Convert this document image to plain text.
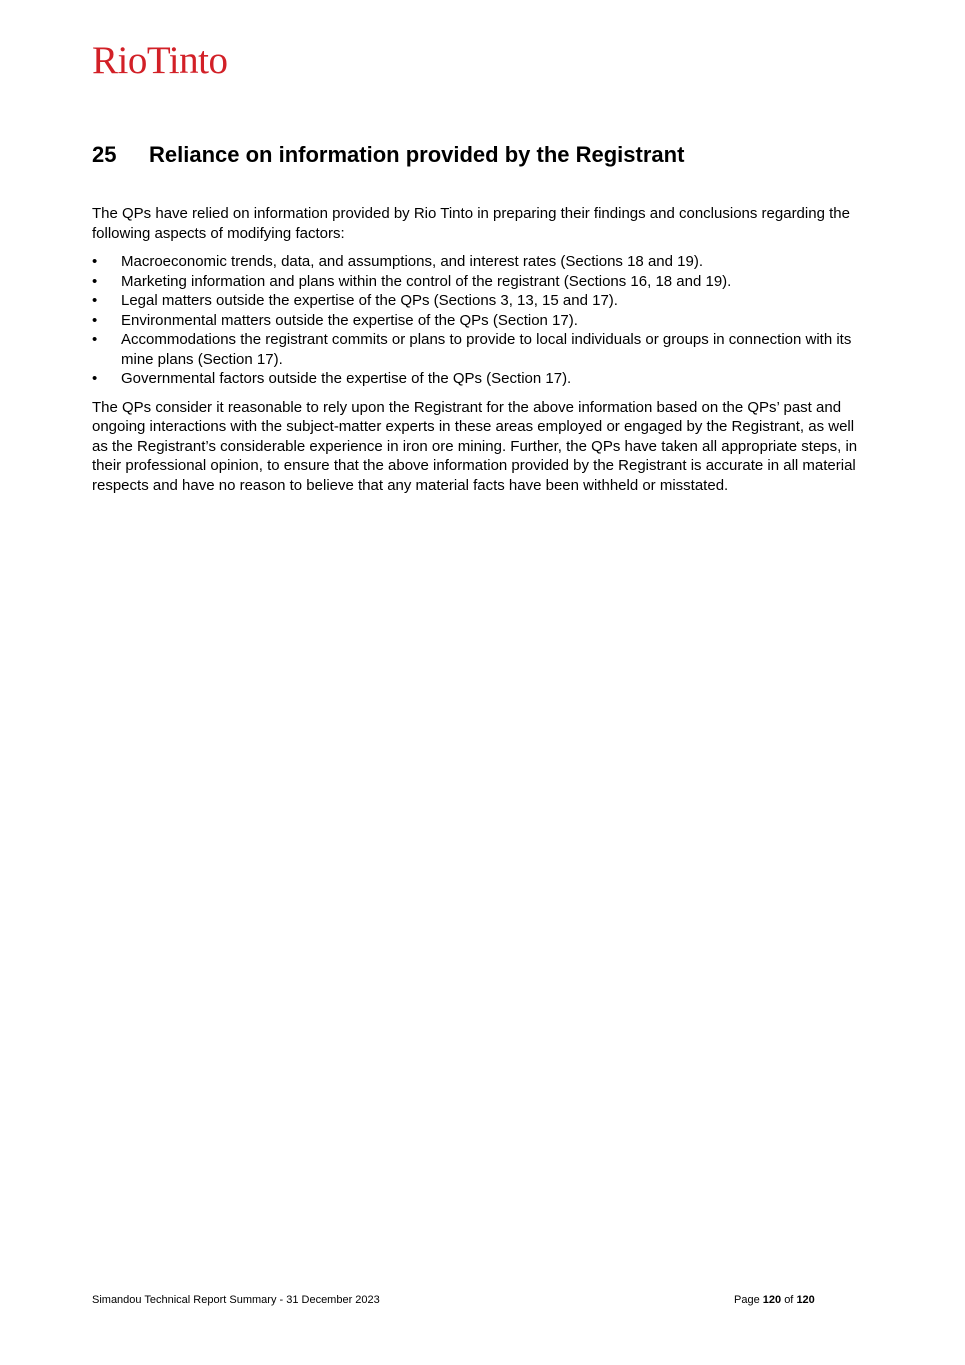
RioTinto
25 Reliance on information provided by the Registrant

The QPs have relied on information provided by Rio Tinto in preparing their findings and conclusions regarding the following aspects of modifying factors:

•	Macroeconomic trends, data, and assumptions, and interest rates (Sections 18 and 19).
•	Marketing information and plans within the control of the registrant (Sections 16, 18 and 19).
•	Legal matters outside the expertise of the QPs (Sections 3, 13, 15 and 17).
•	Environmental matters outside the expertise of the QPs (Section 17).
•	Accommodations the registrant commits or plans to provide to local individuals or groups in connection with its mine plans (Section 17).
•	Governmental factors outside the expertise of the QPs (Section 17).

The QPs consider it reasonable to rely upon the Registrant for the above information based on the QPs’ past and ongoing interactions with the subject-matter experts in these areas employed or engaged by the Registrant, as well as the Registrant’s considerable experience in iron ore mining. Further, the QPs have taken all appropriate steps, in their professional opinion, to ensure that the above information provided by the Registrant is accurate in all material respects and have no reason to believe that any material facts have been withheld or misstated.

Simandou Technical Report Summary - 31 December 2023	Page 120 of 120
